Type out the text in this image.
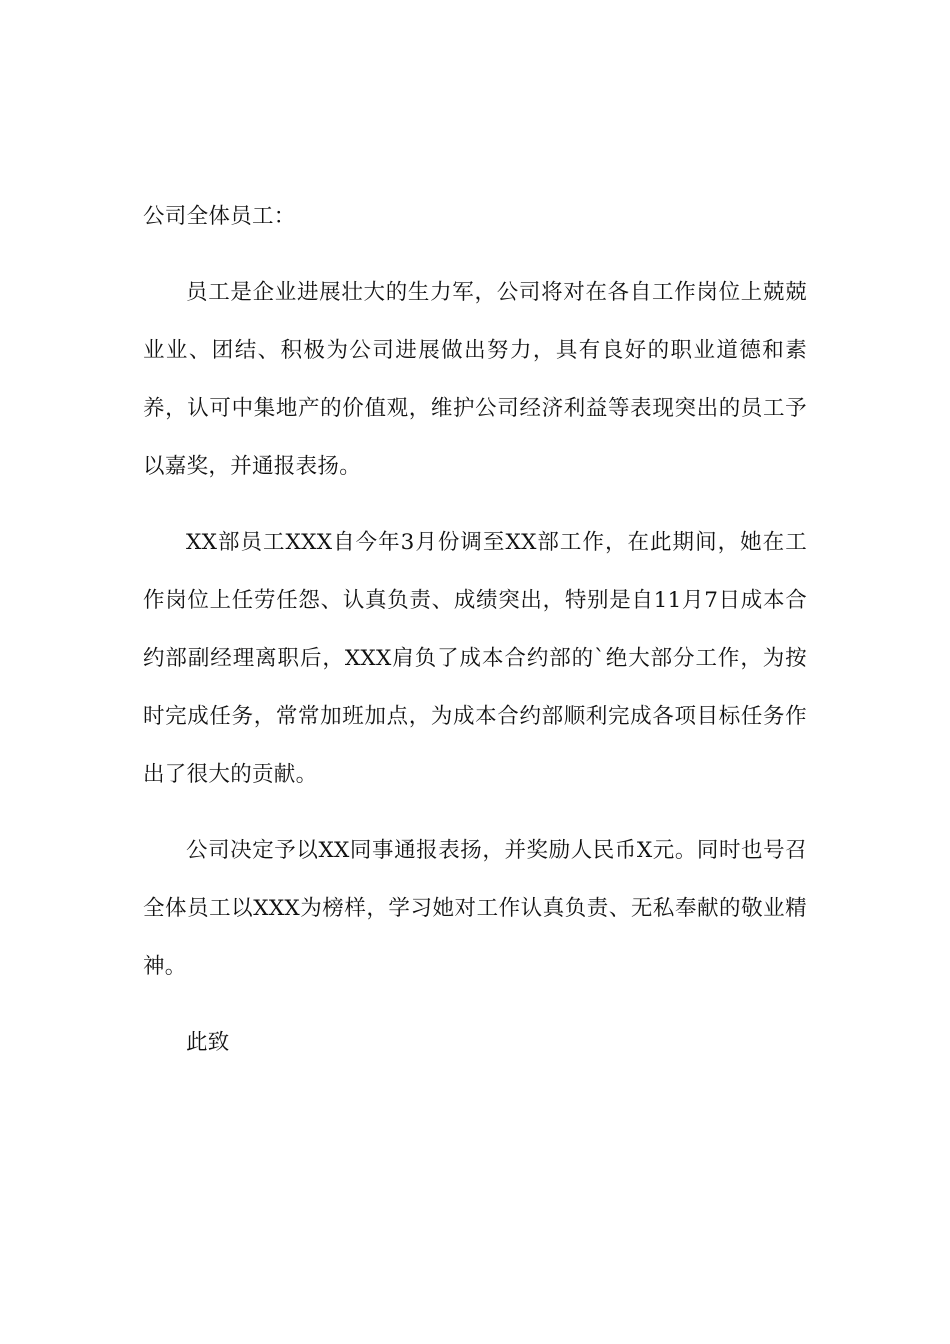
公司全体员工：

员工是企业进展壮大的生力军，公司将对在各自工作岗位上兢兢业业、团结、积极为公司进展做出努力，具有良好的职业道德和素养，认可中集地产的价值观，维护公司经济利益等表现突出的员工予以嘉奖，并通报表扬。

XX部员工XXX自今年3月份调至XX部工作，在此期间，她在工作岗位上任劳任怨、认真负责、成绩突出，特别是自11月7日成本合约部副经理离职后，XXX肩负了成本合约部的`绝大部分工作，为按时完成任务，常常加班加点，为成本合约部顺利完成各项目标任务作出了很大的贡献。

公司决定予以XX同事通报表扬，并奖励人民币X元。同时也号召全体员工以XXX为榜样，学习她对工作认真负责、无私奉献的敬业精神。

此致
